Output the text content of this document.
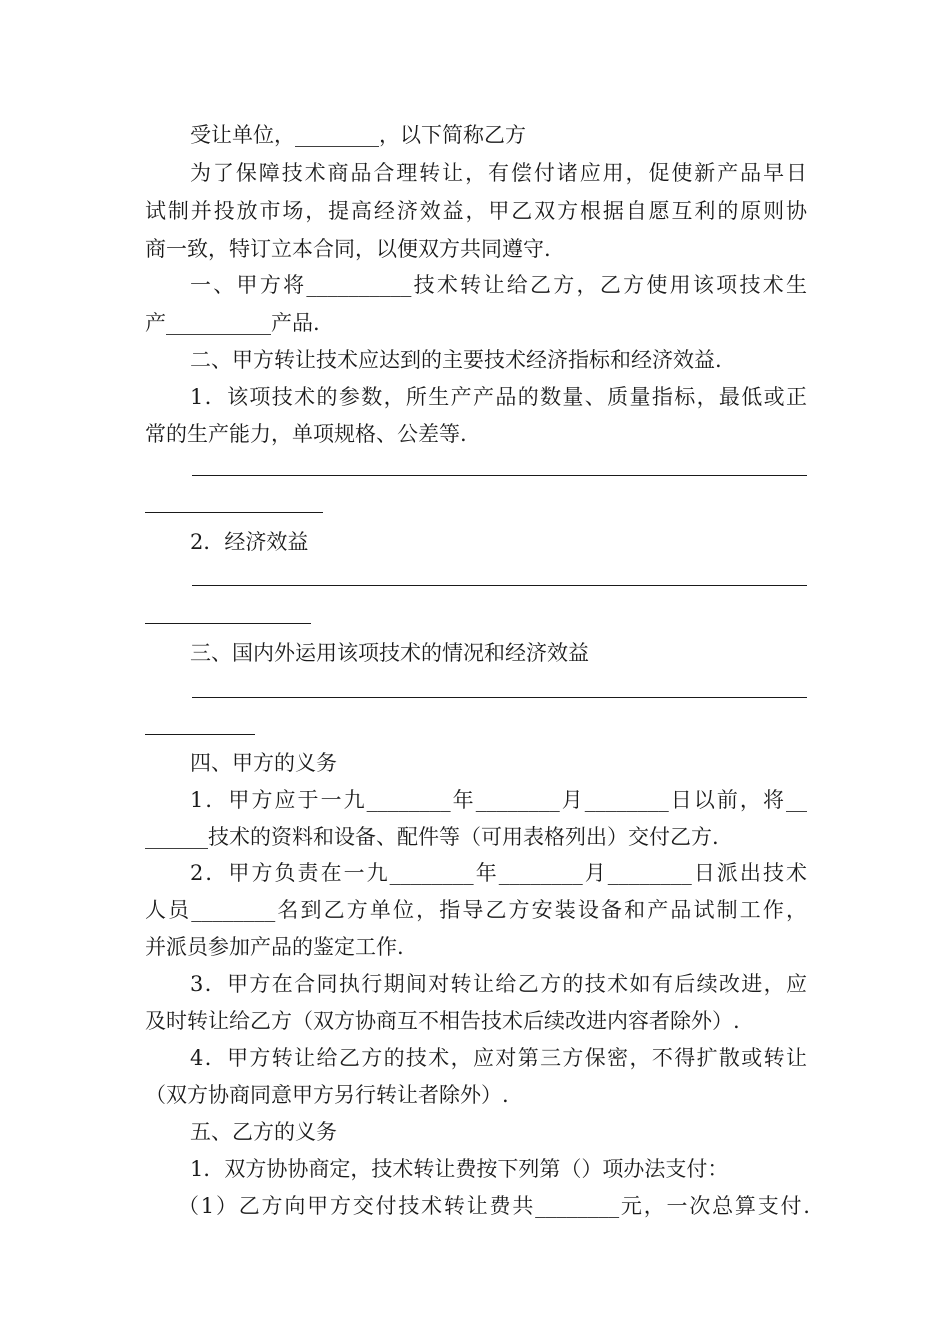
受让单位，________，以下简称乙方
为了保障技术商品合理转让，有偿付诸应用，促使新产品早日
试制并投放市场，提高经济效益，甲乙双方根据自愿互利的原则协
商一致，特订立本合同，以便双方共同遵守.
一、甲方将__________技术转让给乙方，乙方使用该项技术生
产__________产品.
二、甲方转让技术应达到的主要技术经济指标和经济效益.
1．该项技术的参数，所生产产品的数量、质量指标，最低或正
常的生产能力，单项规格、公差等.
2．经济效益
三、国内外运用该项技术的情况和经济效益
四、甲方的义务
1．甲方应于一九________年________月________日以前，将__
______技术的资料和设备、配件等（可用表格列出）交付乙方.
2．甲方负责在一九________年________月________日派出技术
人员________名到乙方单位，指导乙方安装设备和产品试制工作，
并派员参加产品的鉴定工作.
3．甲方在合同执行期间对转让给乙方的技术如有后续改进，应
及时转让给乙方（双方协商互不相告技术后续改进内容者除外）.
4．甲方转让给乙方的技术，应对第三方保密，不得扩散或转让
（双方协商同意甲方另行转让者除外）.
五、乙方的义务
1．双方协协商定，技术转让费按下列第（）项办法支付：
（1）乙方向甲方交付技术转让费共________元，一次总算支付.
